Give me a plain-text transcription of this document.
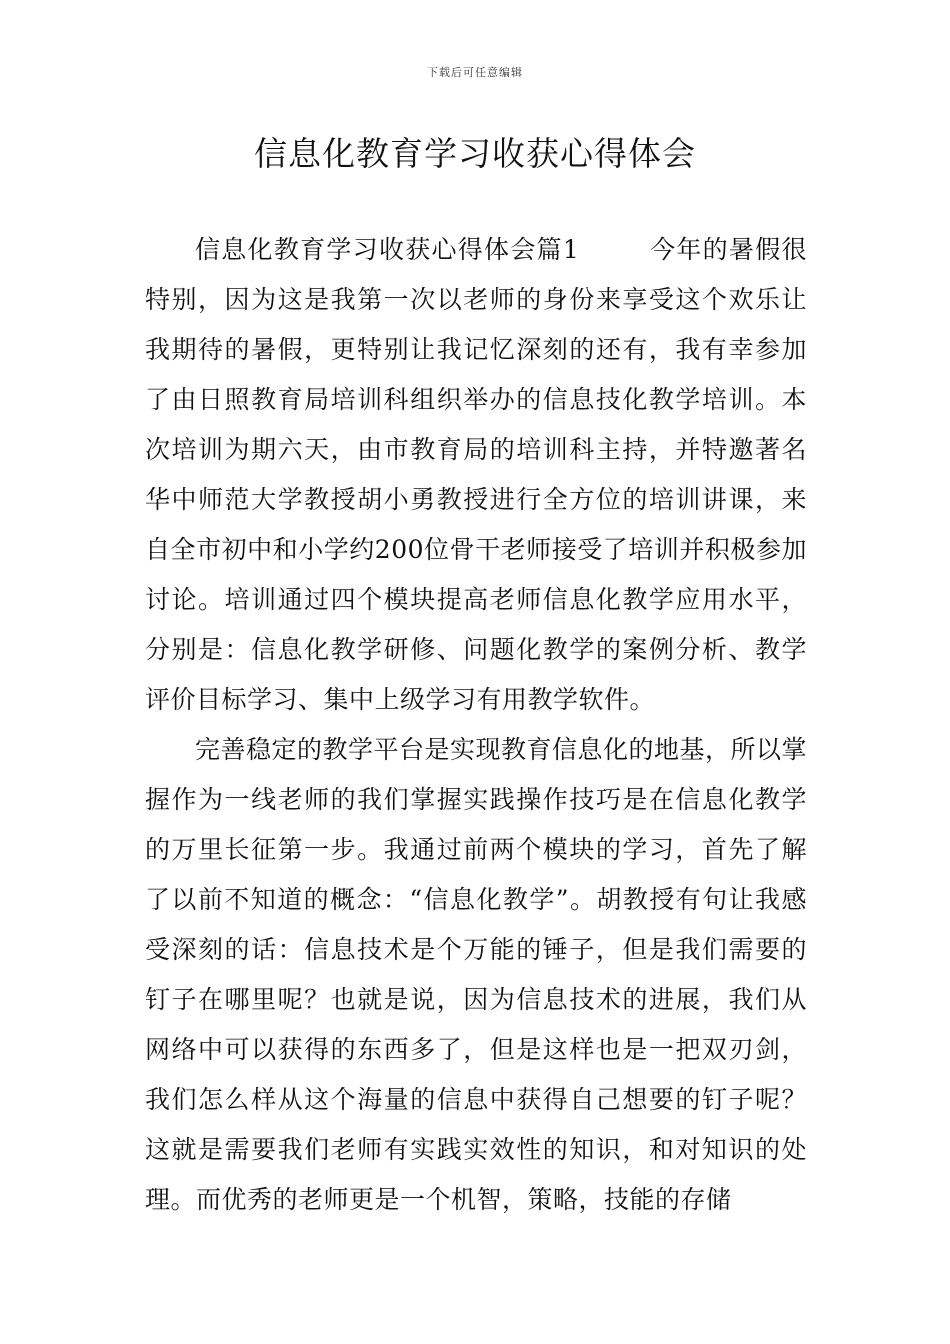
下载后可任意编辑
信息化教育学习收获心得体会

信息化教育学习收获心得体会篇1	今年的暑假很特别，因为这是我第一次以老师的身份来享受这个欢乐让我期待的暑假，更特别让我记忆深刻的还有，我有幸参加了由日照教育局培训科组织举办的信息技化教学培训。本次培训为期六天，由市教育局的培训科主持，并特邀著名华中师范大学教授胡小勇教授进行全方位的培训讲课，来自全市初中和小学约200位骨干老师接受了培训并积极参加讨论。培训通过四个模块提高老师信息化教学应用水平，分别是：信息化教学研修、问题化教学的案例分析、教学评价目标学习、集中上级学习有用教学软件。

完善稳定的教学平台是实现教育信息化的地基，所以掌握作为一线老师的我们掌握实践操作技巧是在信息化教学的万里长征第一步。我通过前两个模块的学习，首先了解了以前不知道的概念：“信息化教学”。胡教授有句让我感受深刻的话：信息技术是个万能的锤子，但是我们需要的钉子在哪里呢？也就是说，因为信息技术的进展，我们从网络中可以获得的东西多了，但是这样也是一把双刃剑，我们怎么样从这个海量的信息中获得自己想要的钉子呢？这就是需要我们老师有实践实效性的知识，和对知识的处理。而优秀的老师更是一个机智，策略，技能的存储
